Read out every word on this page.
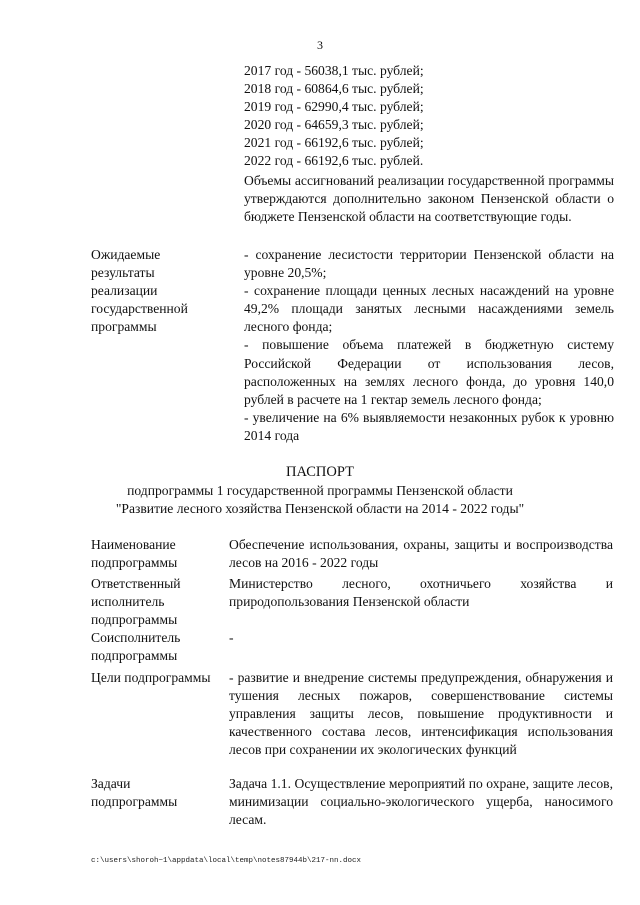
3
2017 год - 56038,1 тыс. рублей;
2018 год - 60864,6 тыс. рублей;
2019 год - 62990,4 тыс. рублей;
2020 год - 64659,3 тыс. рублей;
2021 год - 66192,6 тыс. рублей;
2022 год - 66192,6 тыс. рублей.
Объемы ассигнований реализации государственной программы утверждаются дополнительно законом Пензенской области о бюджете Пензенской области на соответствующие годы.
Ожидаемые результаты реализации государственной программы
- сохранение лесистости территории Пензенской области на уровне 20,5%;
- сохранение площади ценных лесных насаждений на уровне 49,2% площади занятых лесными насаждениями земель лесного фонда;
- повышение объема платежей в бюджетную систему Российской Федерации от использования лесов, расположенных на землях лесного фонда, до уровня 140,0 рублей в расчете на 1 гектар земель лесного фонда;
- увеличение на 6% выявляемости незаконных рубок к уровню 2014 года
ПАСПОРТ
подпрограммы 1 государственной программы Пензенской области
"Развитие лесного хозяйства Пензенской области на 2014 - 2022 годы"
Наименование подпрограммы
Обеспечение использования, охраны, защиты и воспроизводства лесов на 2016 - 2022 годы
Ответственный исполнитель подпрограммы
Министерство лесного, охотничьего хозяйства и природопользования Пензенской области
Соисполнитель подпрограммы
-
Цели подпрограммы	- развитие и внедрение системы предупреждения, обнаружения и тушения лесных пожаров, совершенствование системы управления защиты лесов, повышение продуктивности и качественного состава лесов, интенсификация использования лесов при сохранении их экологических функций
Задачи подпрограммы
Задача 1.1. Осуществление мероприятий по охране, защите лесов, минимизации социально-экологического ущерба, наносимого лесам.
c:\users\shoroh~1\appdata\local\temp\notes87944b\217-nn.docx
